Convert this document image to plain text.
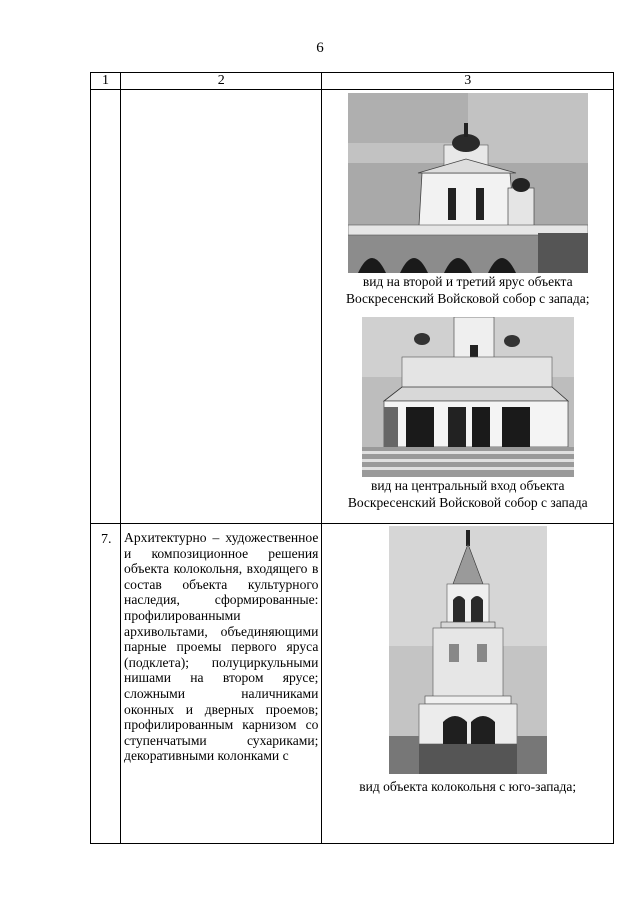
6
1	2	3

		вид на второй и третий ярус объекта

Воскресенский Войсковой собор с запада;

вид на центральный вход объекта

Воскресенский Войсковой собор с запада

7.	Архитектурно – художественное и композиционное решения объекта колокольня, входящего в состав объекта культурного наследия, сформированные: профилированными архивольтами, объединяющими парные проемы первого яруса (подклета); полуциркульными нишами на втором ярусе; сложными наличниками оконных и дверных проемов; профилированным карнизом со ступенчатыми сухариками; декоративными колонками с	вид объекта колокольня с юго-запада;
